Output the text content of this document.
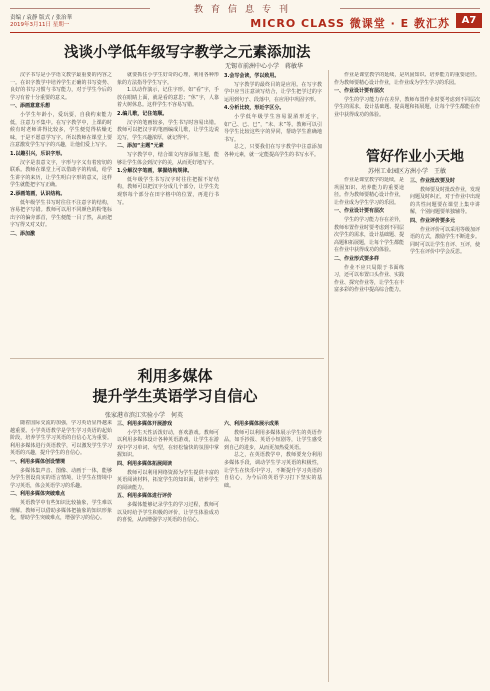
教育信息专刊
责编 / 袁静 版式 / 张治華
2019年3月11日 星期一	MICRO CLASS 微课堂 · E 教汇苏	A7
浅谈小学低年级写字教学之元素添加法
无锡市前洲中心小学　蒋敏华

汉字书写是小学语文教学最重要的内容之一。在识字教学中培养学生正确的书写姿势、良好的书写习惯与书写能力，对于学生今后的学习有着十分重要的意义。

一、添画意意乐想

小学生年龄小，爱玩耍，自我约束能力低，注意力不集中。在写字教学中，上课的时候有时老师讲得比较多，学生便觉得枯燥无味，于是不愿意学写字。所以教师在课堂上要注意激发学生写字的兴趣，让他们爱上写字。

1.以趣引兴，乐识字形。

汉字是表意文字，字形与字义有着密切的联系。教师在课堂上可以借助字的构成，给学生讲字的来历，让学生明白字形的意义，这样学生就能把字写正确。

2.添画笔画，认识结构。

低年级学生书写时往往不注意字的结构，容易把字写错。教师可以用不同颜色的粉笔标出字的偏旁部首，学生便能一目了然，从而把字写得又对又好。

二、添加激

就要抓住小学生好奇的心理，利用各种形象的方法指导学生写字。

1.以动作演示，记住字形。如“看”字，手放在眼睛上面，就是看的意思；“休”字，人靠着大树休息。这样学生不容易写错。

2.编儿歌，记住笔顺。

汉字的笔画较多，学生书写时容易出错。教师可以把汉字的笔画编成儿歌，让学生边说边写，学生兴趣浓厚，就记得牢。

二、添加“主题”元素

写字教学中，结合课文内容添加主题，能够让学生体会到汉字的美，从而更好地写字。

1.分解汉字笔画，掌握结构规律。

低年级学生书写汉字时往往把握不好结构，教师可以把汉字分成几个部分，让学生先观察每个部分在田字格中的位置，再进行书写。

3.会写会读，学以致用。

写字教学的最终目的是应用。在写字教学中应当注意读写结合，让学生把学过的字运用到句子、段落中，在应用中巩固字形。

4.分析比较，形近字区分。

小学低年级学生容易混淆形近字，如“己、已、巳”，“未、末”等。教师可以引导学生比较这些字的异同，帮助学生准确地书写。

总之，只要我们在写字教学中注意添加各种元素，就一定能提高学生的书写水平。

利用多媒体
提升学生英语学习自信心
张家港市滨江实验小学　何英

随着国际交流的加强，学习英语显得越来越重要。小学英语教学是学生学习英语的起始阶段，培养学生学习英语的自信心尤为重要。利用多媒体进行英语教学，可以激发学生学习英语的兴趣，提升学生的自信心。

一、利用多媒体创设情境

多媒体集声音、图像、动画于一体，能够为学生创设真实的语言情境，让学生在情境中学习英语，体会英语学习的乐趣。

二、利用多媒体突破难点

英语教学中有些知识比较抽象，学生难以理解。教师可以借助多媒体把抽象的知识形象化，帮助学生突破难点，增强学习的信心。

三、利用多媒体开展游戏

小学生天性活泼好动，喜欢游戏。教师可以利用多媒体设计各种英语游戏，让学生在游戏中学习单词、句型，在轻松愉快的氛围中掌握知识。

四、利用多媒体拓展阅读

教师可以利用网络资源为学生提供丰富的英语阅读材料，拓宽学生的知识面，培养学生的阅读能力。

五、利用多媒体进行评价

多媒体能够记录学生的学习过程，教师可以及时给予学生积极的评价，让学生体验成功的喜悦，从而增强学习英语的自信心。

六、利用多媒体展示成果

教师可以利用多媒体展示学生的英语作品，如手抄报、英语小短剧等，让学生感受到自己的进步，从而更加热爱英语。

总之，在英语教学中，教师要充分利用多媒体手段，调动学生学习英语的积极性，让学生在快乐中学习，不断提升学习英语的自信心，为今后的英语学习打下坚实的基础。

管好作业小天地
苏州工业园区方洲小学　王敏

作业是课堂教学的延续，是巩固知识、培养能力的重要途径。作为教师要精心设计作业，让作业成为学生学习的乐园。

一、作业设计要有层次

学生的学习能力存在差异，教师布置作业时要考虑到不同层次学生的需求，设计基础题、提高题和拓展题，让每个学生都能在作业中获得成功的体验。

作业是课堂教学的延续，是巩固知识、培养能力的重要途径。作为教师要精心设计作业，让作业成为学生学习的乐园。

一、作业设计要有层次

学生的学习能力存在差异，教师布置作业时要考虑到不同层次学生的需求，设计基础题、提高题和拓展题，让每个学生都能在作业中获得成功的体验。

二、作业形式要多样

作业不应只局限于书面练习，还可以布置口头作业、实践作业、探究作业等，让学生在丰富多彩的作业中提高综合能力。

三、作业批改要及时

教师要及时批改作业，发现问题及时纠正，对于作业中出现的共性问题要在课堂上集中讲解，个别问题要单独辅导。

四、作业评价要多元

作业评价可以采用等级加评语的方式，激励学生不断进步。同时可以让学生自评、互评，使学生在评价中学会反思。
